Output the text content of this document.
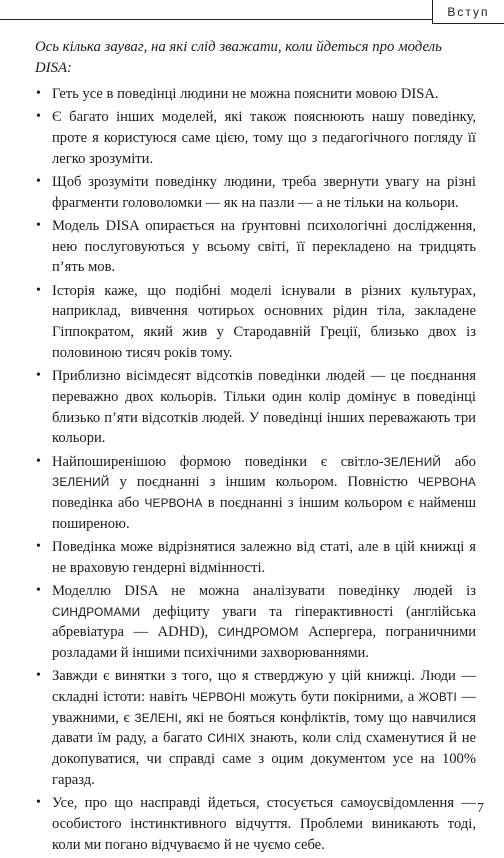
Вступ

Ось кілька зауваг, на які слід зважати, коли йдеться про модель DISA:

• Геть усе в поведінці людини не можна пояснити мовою DISA.
• Є багато інших моделей, які також пояснюють нашу поведінку, проте я користуюся саме цією, тому що з педагогічного погляду її легко зрозуміти.
• Щоб зрозуміти поведінку людини, треба звернути увагу на різні фрагменти головоломки — як на пазли — а не тільки на кольори.
• Модель DISA опирається на ґрунтовні психологічні дослідження, нею послуговуються у всьому світі, її перекладено на тридцять п’ять мов.
• Історія каже, що подібні моделі існували в різних культурах, наприклад, вивчення чотирьох основних рідин тіла, закладене Гіппократом, який жив у Стародавній Греції, близько двох із половиною тисяч років тому.
• Приблизно вісімдесят відсотків поведінки людей — це поєднання переважно двох кольорів. Тільки один колір домінує в поведінці близько п’яти відсотків людей. У поведінці інших переважають три кольори.
• Найпоширенішою формою поведінки є світло-ЗЕЛЕНИЙ або ЗЕЛЕНИЙ у поєднанні з іншим кольором. Повністю ЧЕРВОНА поведінка або ЧЕРВОНА в поєднанні з іншим кольором є найменш поширеною.
• Поведінка може відрізнятися залежно від статі, але в цій книжці я не враховую гендерні відмінності.
• Моделлю DISA не можна аналізувати поведінку людей із СИНДРОМАМИ дефіциту уваги та гіперактивності (англійська абревіатура — ADHD), СИНДРОМОМ Аспергера, пограничними розладами й іншими психічними захворюваннями.
• Завжди є винятки з того, що я стверджую у цій книжці. Люди — складні істоти: навіть ЧЕРВОНІ можуть бути покірними, а ЖОВТІ — уважними, є ЗЕЛЕНІ, які не бояться конфліктів, тому що навчилися давати їм раду, а багато СИНІХ знають, коли слід схаменутися й не докопуватися, чи справді саме з оцим документом усе на 100% гаразд.
• Усе, про що насправді йдеться, стосується самоусвідомлення — особистого інстинктивного відчуття. Проблеми виникають тоді, коли ми погано відчуваємо й не чуємо себе.
7
